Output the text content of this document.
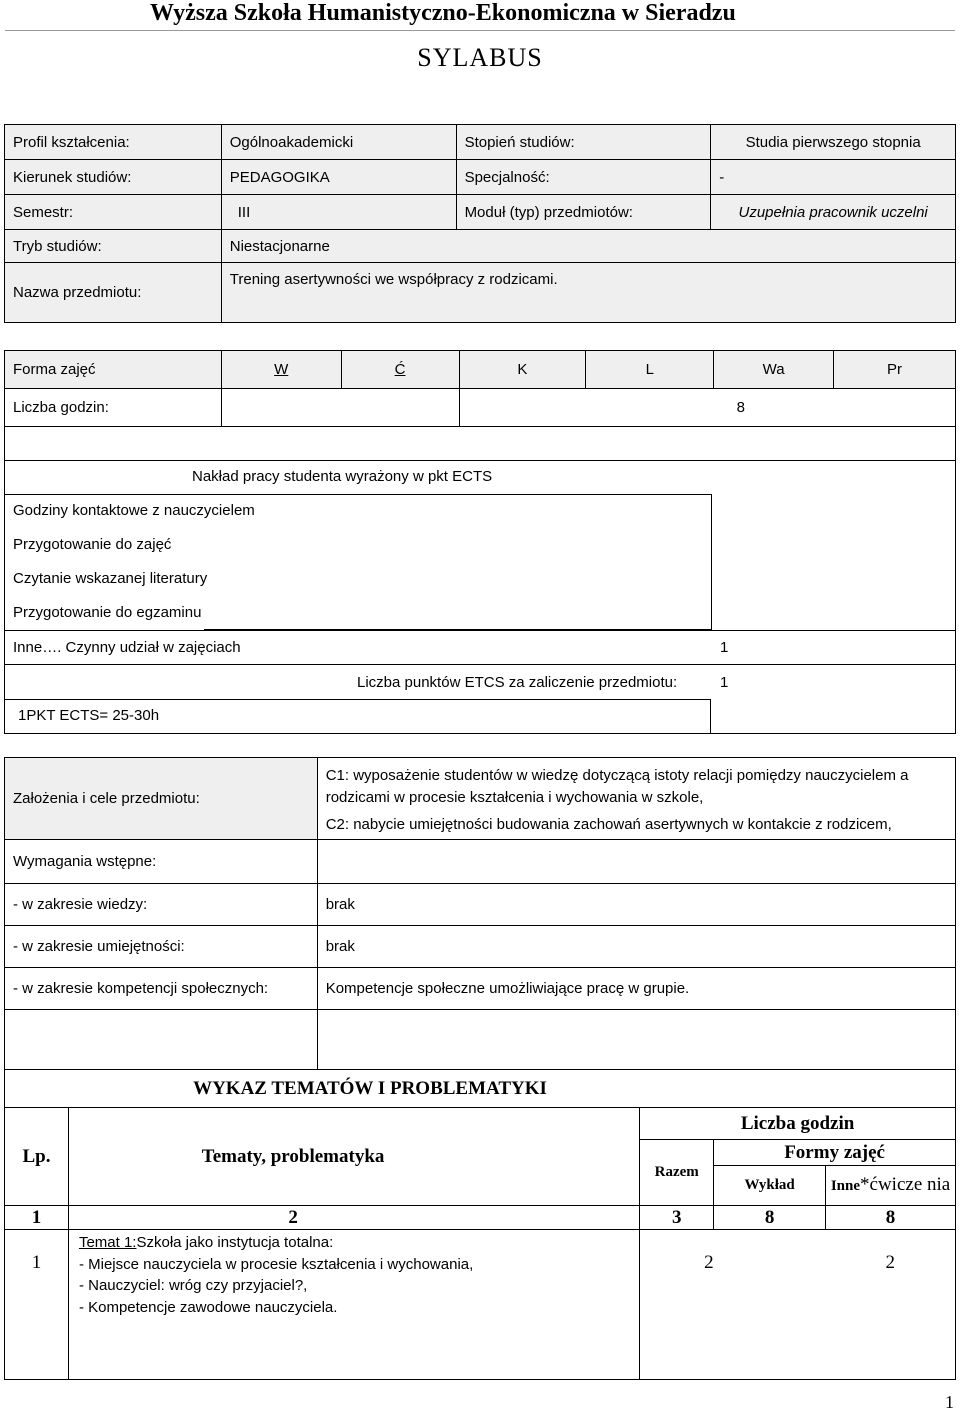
Wyższa Szkoła Humanistyczno-Ekonomiczna w Sieradzu
SYLABUS
Profil kształcenia:	Ogólnoakademicki	Stopień studiów:	Studia pierwszego stopnia
Kierunek studiów:	PEDAGOGIKA	Specjalność:	-
Semestr:	III	Moduł (typ) przedmiotów:	Uzupełnia pracownik uczelni
Tryb studiów:	Niestacjonarne		
Nazwa przedmiotu:	Trening asertywności we współpracy z rodzicami.		
Forma zajęć	W	Ć	K	L	Wa	Pr
Liczba godzin:			8			

Nakład pracy studenta wyrażony w pkt ECTS
Godziny kontaktowe z nauczycielem
Przygotowanie do zajęć
Czytanie wskazanej literatury
Przygotowanie do egzaminu
Inne…. Czynny udział w zajęciach	1
Liczba punktów ETCS za zaliczenie przedmiotu:	1
1PKT ECTS= 25-30h
Założenia i cele przedmiotu:	C1: wyposażenie studentów w wiedzę dotyczącą istoty relacji pomiędzy nauczycielem a rodzicami w procesie kształcenia i wychowania w szkole,
C2: nabycie umiejętności budowania zachowań asertywnych w kontakcie z rodzicem,

Wymagania wstępne:	
- w zakresie wiedzy:	brak
- w zakresie umiejętności:	brak
- w zakresie kompetencji społecznych:	Kompetencje społeczne umożliwiające pracę w grupie.

WYKAZ TEMATÓW I PROBLEMATYKI				
Lp.	Tematy, problematyka	Liczba godzin		
		Razem	Formy zajęć	
			Wykład	Inne*ćwicze nia
1	2	3	8	8
1	Temat 1:Szkoła jako instytucja totalna:
- Miejsce nauczyciela w procesie kształcenia i wychowania,
- Nauczyciel: wróg czy przyjaciel?,
- Kompetencje zawodowe nauczyciela.	2		2
1
